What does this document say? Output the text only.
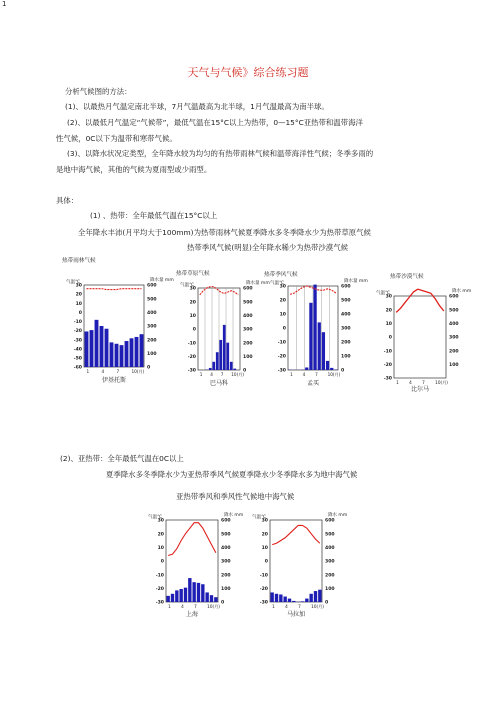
1
天气与气候》综合练习题
分析气候图的方法：
(1)、以最热月气温定南北半球，7月气温最高为北半球，1月气温最高为南半球。
(2)、以最低月气温定“气候带”，最低气温在15°C以上为热带，0—15°C亚热带和温带海洋
性气候，0C以下为温带和寒带气候。
(3)、以降水状况定类型，全年降水较为均匀的有热带雨林气候和温带海洋性气候；冬季多雨的
是地中海气候，其他的气候为夏雨型或少雨型。
具体：
(1) 、热带：全年最低气温在15°C以上
全年降水丰沛(月平均大于100mm)为热带雨林气候夏季降水多冬季降水少为热带草原气候
热带季风气候(明显)全年降水稀少为热带沙漠气候
(2)、亚热带：全年最低气温在0C以上
夏季降水多冬季降水少为亚热带季风气候夏季降水少冬季降水多为地中海气候
亚热带季风和季风性气候地中海气候
热带雨林气候
气温℃
30
20
10
0
-10
-20
-30
-40
-50
-60
降水量 mm
600
500
400
300
200
100
0
1	4	7	10(月)
伊基托斯
热带草原气候
气温℃
30
20
10
0
-10
-20
-30
降水量 mm
600
500
400
300
200
100
0
1 4 7 10(月)
巴马科
热带季风气候
气温℃
30
20
10
0
-10
-20
-30
降水量 mm
600
500
400
300
200
100
0
1 4 7 10(月)
孟买
热带沙漠气候
气温℃
30
20
10
0
-10
-20
-30
降水 mm
600
500
400
300
200
100
1 4 7 10(月)
比尔马
气温℃
30
20
10
0
-10
-20
-30
降水 mm
600
500
400
300
200
100
0
1 4 7 10(月)
上海
气温℃
30
20
10
0
-10
-20
-30
降水 mm
600
500
400
300
200
100
0
1 4 7 10(月)
马拉加
